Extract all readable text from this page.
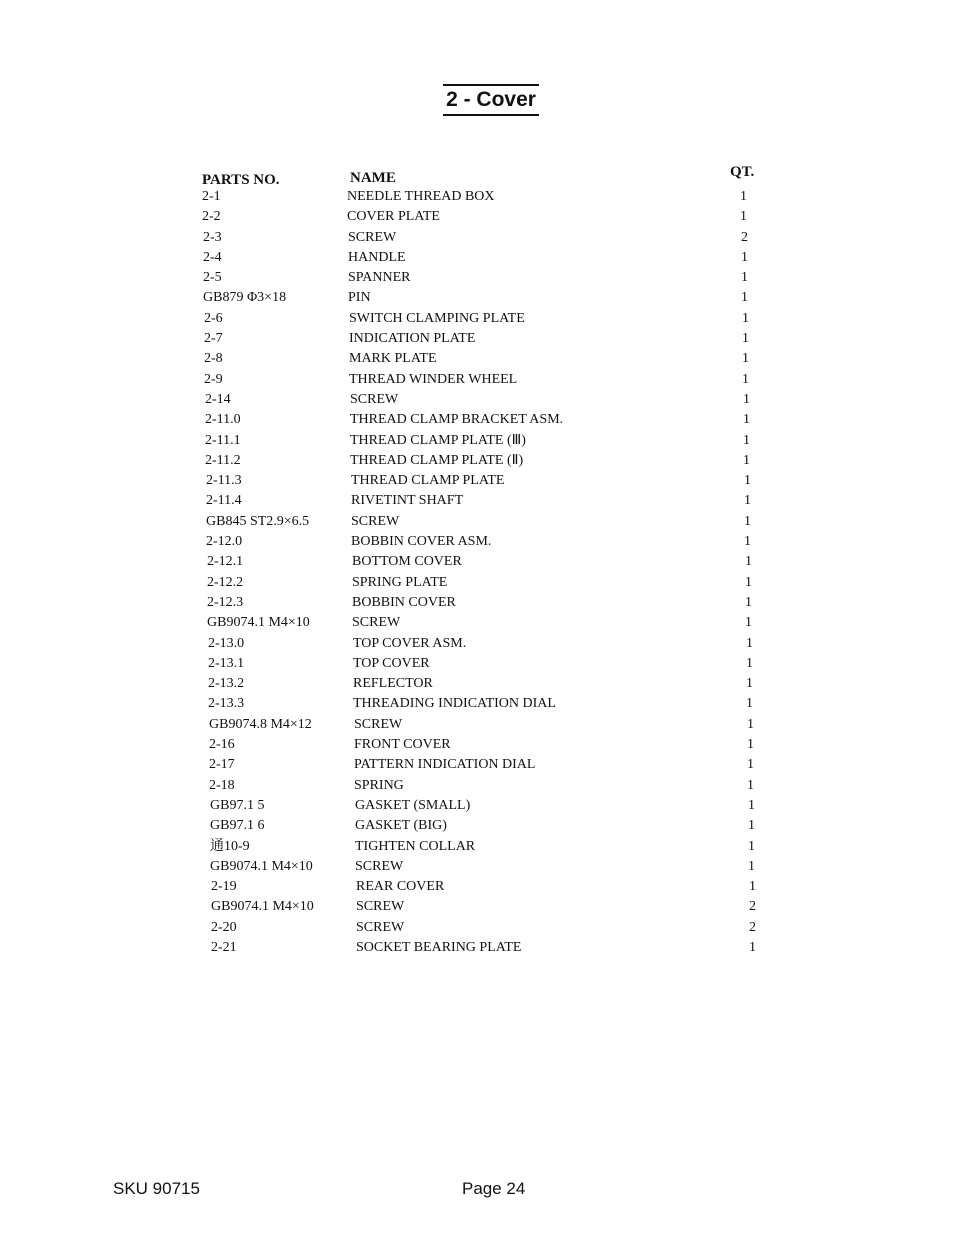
2 - Cover
PARTS NO.	NAME	QT.
2-1	NEEDLE THREAD BOX	1
2-2	COVER PLATE	1
2-3	SCREW	2
2-4	HANDLE	1
2-5	SPANNER	1
GB879 Φ3×18	PIN	1
2-6	SWITCH CLAMPING PLATE	1
2-7	INDICATION PLATE	1
2-8	MARK PLATE	1
2-9	THREAD WINDER WHEEL	1
2-14	SCREW	1
2-11.0	THREAD CLAMP BRACKET ASM.	1
2-11.1	THREAD CLAMP PLATE (Ⅲ)	1
2-11.2	THREAD CLAMP PLATE (Ⅱ)	1
2-11.3	THREAD CLAMP PLATE	1
2-11.4	RIVETINT SHAFT	1
GB845 ST2.9×6.5	SCREW	1
2-12.0	BOBBIN COVER ASM.	1
2-12.1	BOTTOM COVER	1
2-12.2	SPRING PLATE	1
2-12.3	BOBBIN COVER	1
GB9074.1 M4×10	SCREW	1
2-13.0	TOP COVER ASM.	1
2-13.1	TOP COVER	1
2-13.2	REFLECTOR	1
2-13.3	THREADING INDICATION DIAL	1
GB9074.8 M4×12	SCREW	1
2-16	FRONT COVER	1
2-17	PATTERN INDICATION DIAL	1
2-18	SPRING	1
GB97.1 5	GASKET (SMALL)	1
GB97.1 6	GASKET (BIG)	1
通10-9	TIGHTEN COLLAR	1
GB9074.1 M4×10	SCREW	1
2-19	REAR COVER	1
GB9074.1 M4×10	SCREW	2
2-20	SCREW	2
2-21	SOCKET BEARING PLATE	1
SKU 90715	Page 24
